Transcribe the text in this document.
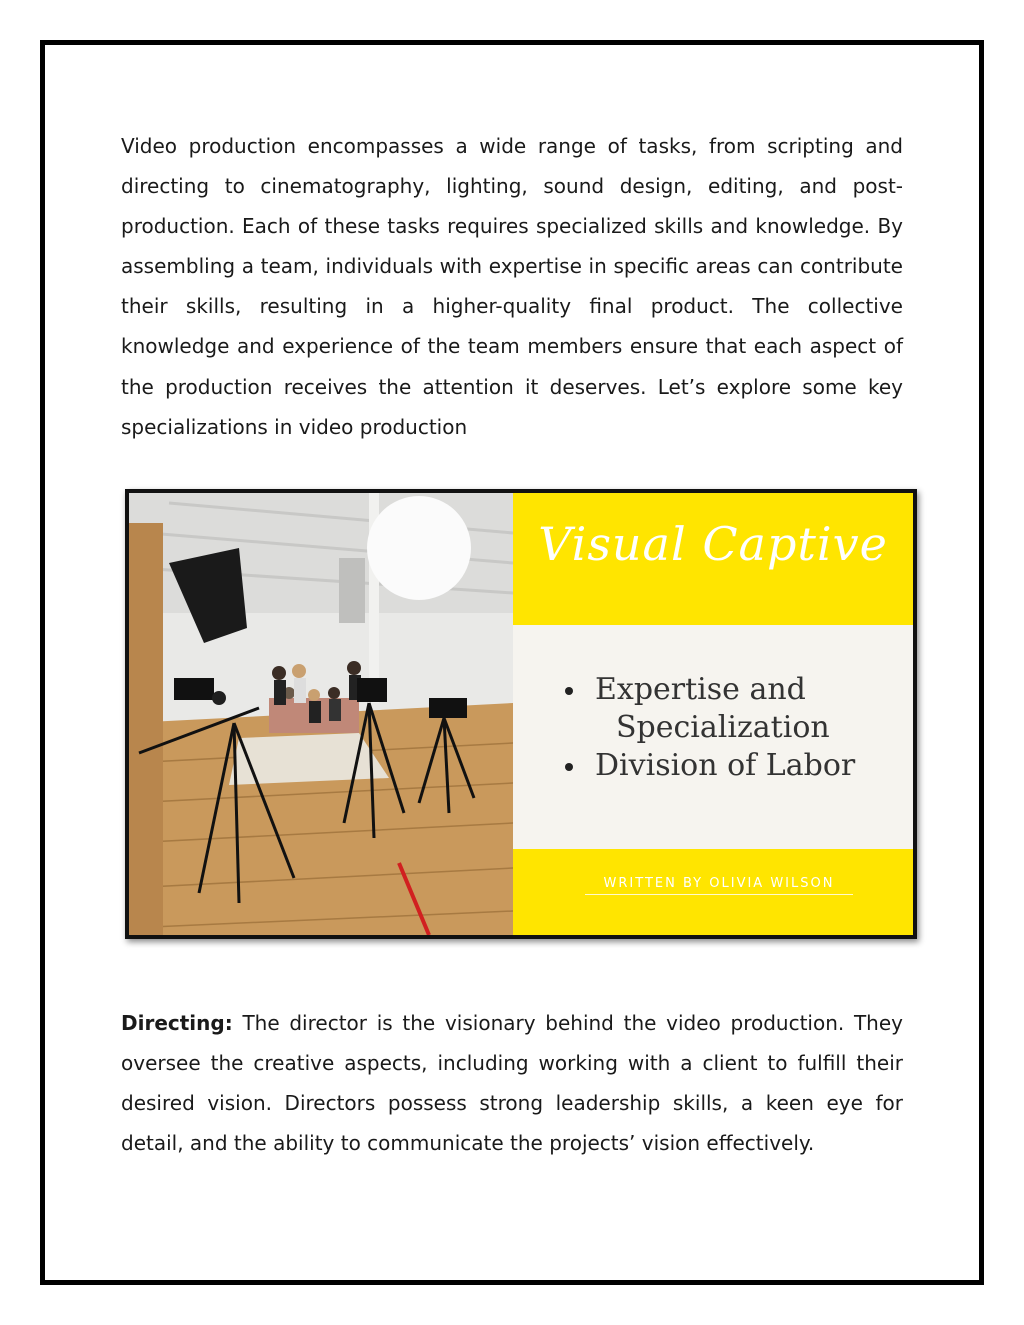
Video production encompasses a wide range of tasks, from scripting and directing to cinematography, lighting, sound design, editing, and post-production. Each of these tasks requires specialized skills and knowledge. By assembling a team, individuals with expertise in specific areas can contribute their skills, resulting in a higher-quality final product. The collective knowledge and experience of the team members ensure that each aspect of the production receives the attention it deserves. Let’s explore some key specializations in video production

Visual Captive
Expertise and
Specialization
Division of Labor
WRITTEN BY OLIVIA WILSON

Directing: The director is the visionary behind the video production. They oversee the creative aspects, including working with a client to fulfill their desired vision. Directors possess strong leadership skills, a keen eye for detail, and the ability to communicate the projects’ vision effectively.
